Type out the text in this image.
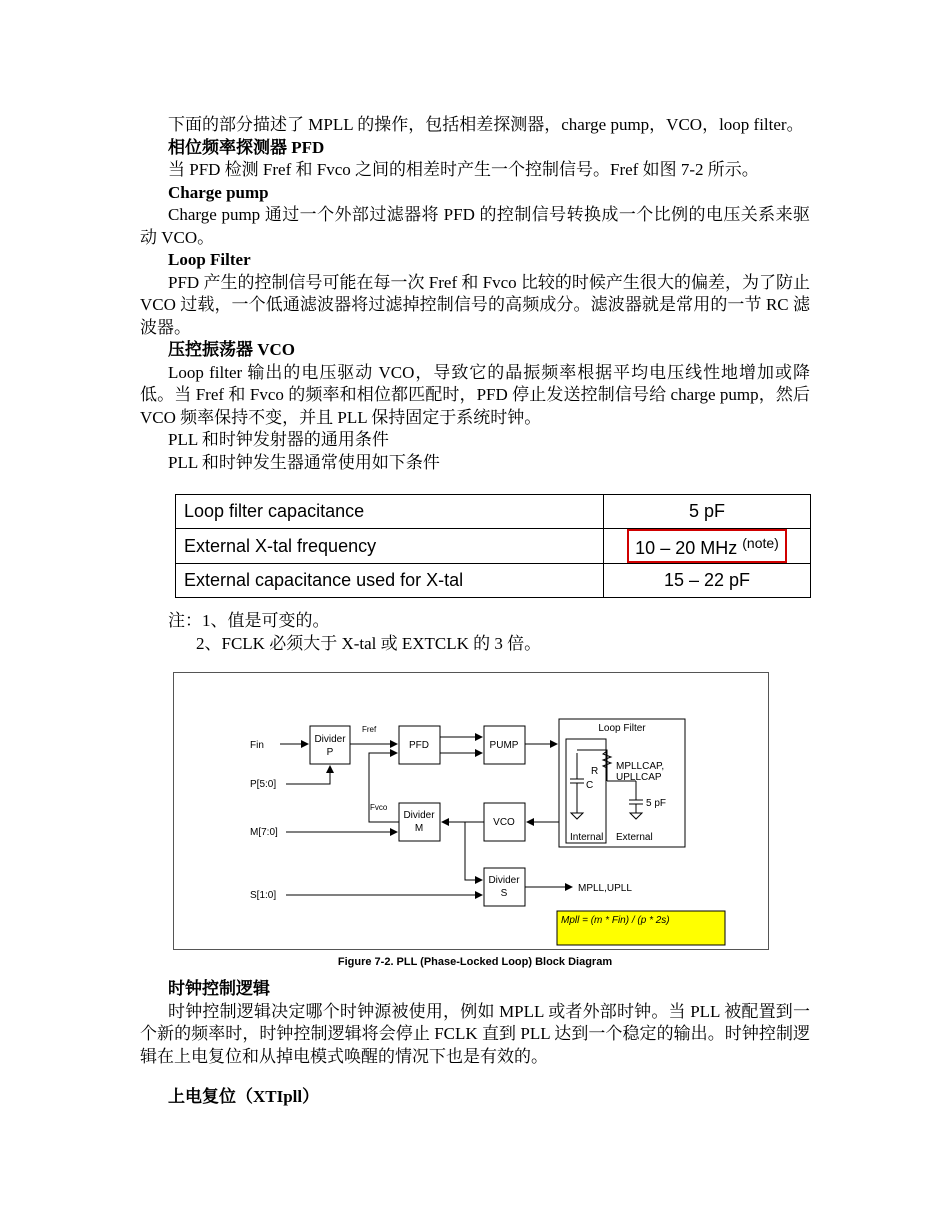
下面的部分描述了 MPLL 的操作，包括相差探测器，charge pump，VCO，loop filter。

相位频率探测器 PFD

当 PFD 检测 Fref 和 Fvco 之间的相差时产生一个控制信号。Fref 如图 7-2 所示。

Charge pump

Charge pump 通过一个外部过滤器将 PFD 的控制信号转换成一个比例的电压关系来驱动 VCO。

Loop Filter

PFD 产生的控制信号可能在每一次 Fref 和 Fvco 比较的时候产生很大的偏差，为了防止 VCO 过载，一个低通滤波器将过滤掉控制信号的高频成分。滤波器就是常用的一节 RC 滤波器。

压控振荡器 VCO

Loop filter 输出的电压驱动 VCO，导致它的晶振频率根据平均电压线性地增加或降低。当 Fref 和 Fvco 的频率和相位都匹配时，PFD 停止发送控制信号给 charge pump，然后 VCO 频率保持不变，并且 PLL 保持固定于系统时钟。

PLL 和时钟发射器的通用条件

PLL 和时钟发生器通常使用如下条件

Loop filter capacitance	5 pF
External X-tal frequency	10 – 20 MHz $^{(note)}$
External capacitance used for X-tal	15 – 22 pF
注：1、值是可变的。
2、FCLK 必须大于 X-tal 或 EXTCLK 的 3 倍。
Fin
P[5:0]
M[7:0]
S[1:0]
Divider
P
Fref
PFD	PUMP
Loop Filter
R
C
MPLLCAP,
UPLLCAP
5 pF
Internal External
Fvco
Divider
M
VCO
Divider
S	MPLL,UPLL
Mpll = (m * Fin) / (p * 2s)
Figure 7-2. PLL (Phase-Locked Loop) Block Diagram

时钟控制逻辑

时钟控制逻辑决定哪个时钟源被使用，例如 MPLL 或者外部时钟。当 PLL 被配置到一个新的频率时，时钟控制逻辑将会停止 FCLK 直到 PLL 达到一个稳定的输出。时钟控制逻辑在上电复位和从掉电模式唤醒的情况下也是有效的。

上电复位（XTIpll）
